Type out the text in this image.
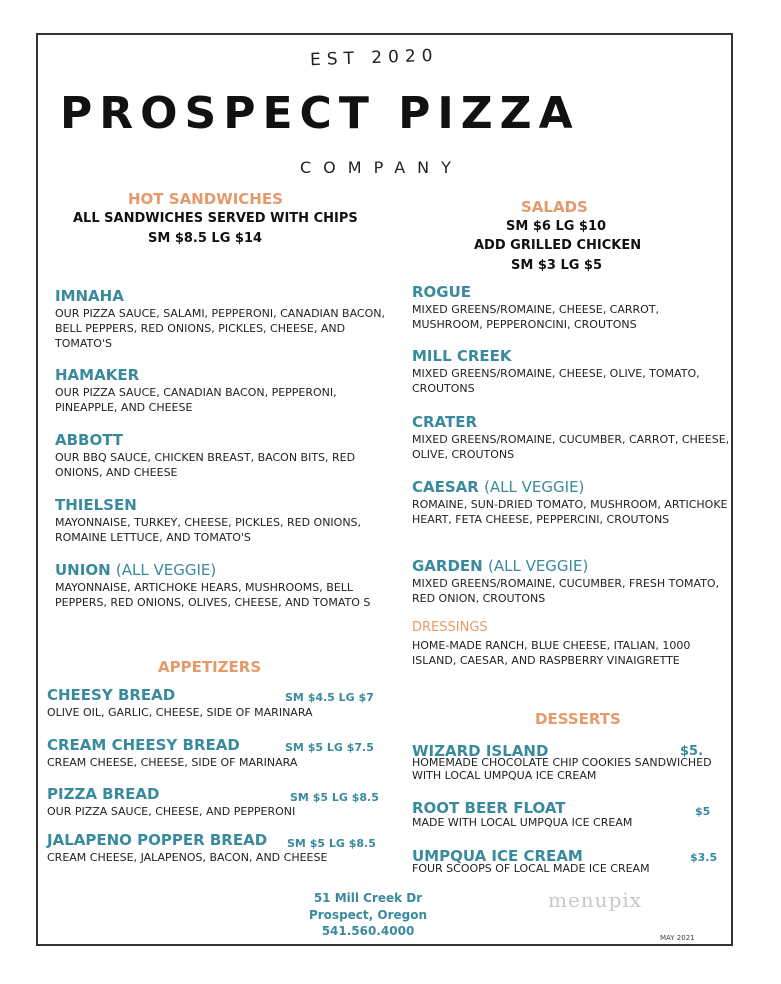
EST 2020
PROSPECT PIZZA
COMPANY
HOT SANDWICHES
ALL SANDWICHES SERVED WITH CHIPS
SM $8.5 LG $14
IMNAHA
OUR PIZZA SAUCE, SALAMI, PEPPERONI, CANADIAN BACON, BELL PEPPERS, RED ONIONS, PICKLES, CHEESE, AND TOMATO'S
HAMAKER
OUR PIZZA SAUCE, CANADIAN BACON, PEPPERONI, PINEAPPLE, AND CHEESE
ABBOTT
OUR BBQ SAUCE, CHICKEN BREAST, BACON BITS, RED ONIONS, AND CHEESE
THIELSEN
MAYONNAISE, TURKEY, CHEESE, PICKLES, RED ONIONS, ROMAINE LETTUCE, AND TOMATO'S
UNION (ALL VEGGIE)
MAYONNAISE, ARTICHOKE HEARS, MUSHROOMS, BELL PEPPERS, RED ONIONS, OLIVES, CHEESE, AND TOMATO S
APPETIZERS
CHEESY BREAD	SM $4.5 LG $7
OLIVE OIL, GARLIC, CHEESE, SIDE OF MARINARA
CREAM CHEESY BREAD	SM $5 LG $7.5
CREAM CHEESE, CHEESE, SIDE OF MARINARA
PIZZA BREAD	SM $5 LG $8.5
OUR PIZZA SAUCE, CHEESE, AND PEPPERONI
JALAPENO POPPER BREAD SM $5 LG $8.5
CREAM CHEESE, JALAPENOS, BACON, AND CHEESE
SALADS
SM $6 LG $10
ADD GRILLED CHICKEN
SM $3 LG $5
ROGUE
MIXED GREENS/ROMAINE, CHEESE, CARROT, MUSHROOM, PEPPERONCINI, CROUTONS
MILL CREEK
MIXED GREENS/ROMAINE, CHEESE, OLIVE, TOMATO, CROUTONS
CRATER
MIXED GREENS/ROMAINE, CUCUMBER, CARROT, CHEESE, OLIVE, CROUTONS
CAESAR (ALL VEGGIE)
ROMAINE, SUN-DRIED TOMATO, MUSHROOM, ARTICHOKE HEART, FETA CHEESE, PEPPERCINI, CROUTONS
GARDEN (ALL VEGGIE)
MIXED GREENS/ROMAINE, CUCUMBER, FRESH TOMATO, RED ONION, CROUTONS
DRESSINGS
HOME-MADE RANCH, BLUE CHEESE, ITALIAN, 1000 ISLAND, CAESAR, AND RASPBERRY VINAIGRETTE
DESSERTS
WIZARD ISLAND	$5.
HOMEMADE CHOCOLATE CHIP COOKIES SANDWICHED WITH LOCAL UMPQUA ICE CREAM
ROOT BEER FLOAT	$5
MADE WITH LOCAL UMPQUA ICE CREAM
UMPQUA ICE CREAM	$3.5
FOUR SCOOPS OF LOCAL MADE ICE CREAM
51 Mill Creek Dr
Prospect, Oregon
541.560.4000	MAY 2021
menupix
